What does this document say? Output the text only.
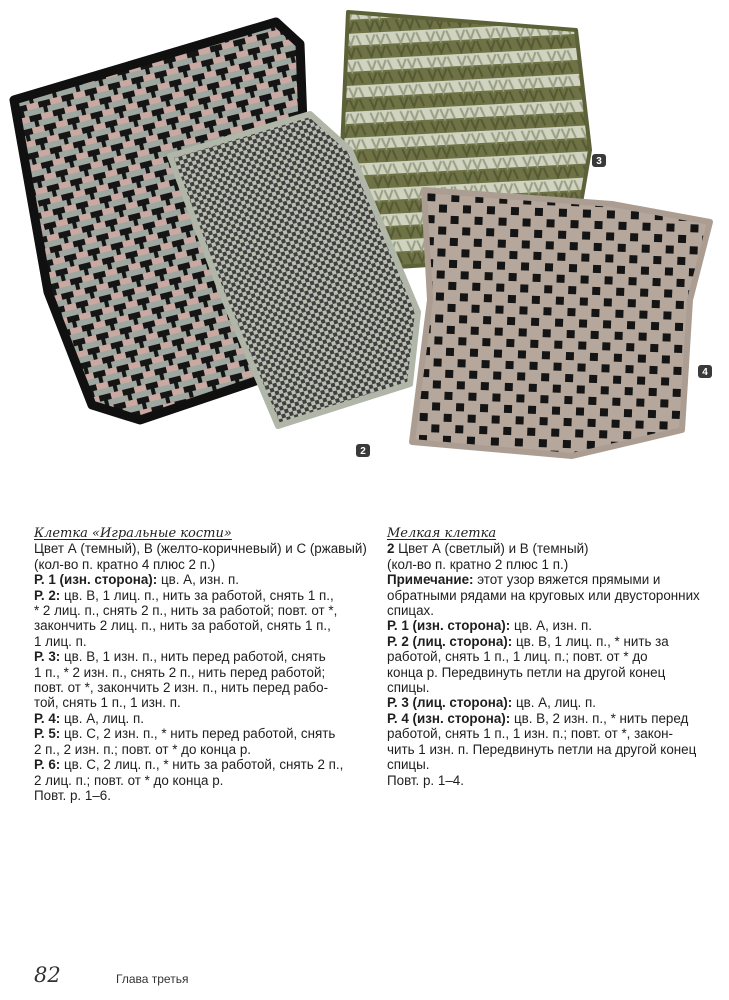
3
2
4
Клетка «Игральные кости»
Цвет А (темный), В (желто-коричневый) и С (ржавый)
(кол-во п. кратно 4 плюс 2 п.)
Р. 1 (изн. сторона): цв. А, изн. п.
Р. 2: цв. В, 1 лиц. п., нить за работой, снять 1 п.,
* 2 лиц. п., снять 2 п., нить за работой; повт. от *,
закончить 2 лиц. п., нить за работой, снять 1 п.,
1 лиц. п.
Р. 3: цв. В, 1 изн. п., нить перед работой, снять
1 п., * 2 изн. п., снять 2 п., нить перед работой;
повт. от *, закончить 2 изн. п., нить перед рабо-
той, снять 1 п., 1 изн. п.
Р. 4: цв. А, лиц. п.
Р. 5: цв. С, 2 изн. п., * нить перед работой, снять
2 п., 2 изн. п.; повт. от * до конца р.
Р. 6: цв. С, 2 лиц. п., * нить за работой, снять 2 п.,
2 лиц. п.; повт. от * до конца р.
Повт. р. 1–6.
Мелкая клетка
2 Цвет А (светлый) и В (темный)
(кол-во п. кратно 2 плюс 1 п.)
Примечание: этот узор вяжется прямыми и
обратными рядами на круговых или двусторонних
спицах.
Р. 1 (изн. сторона): цв. А, изн. п.
Р. 2 (лиц. сторона): цв. В, 1 лиц. п., * нить за
работой, снять 1 п., 1 лиц. п.; повт. от * до
конца р. Передвинуть петли на другой конец
спицы.
Р. 3 (лиц. сторона): цв. А, лиц. п.
Р. 4 (изн. сторона): цв. В, 2 изн. п., * нить перед
работой, снять 1 п., 1 изн. п.; повт. от *, закон-
чить 1 изн. п. Передвинуть петли на другой конец
спицы.
Повт. р. 1–4.
82	Глава третья
